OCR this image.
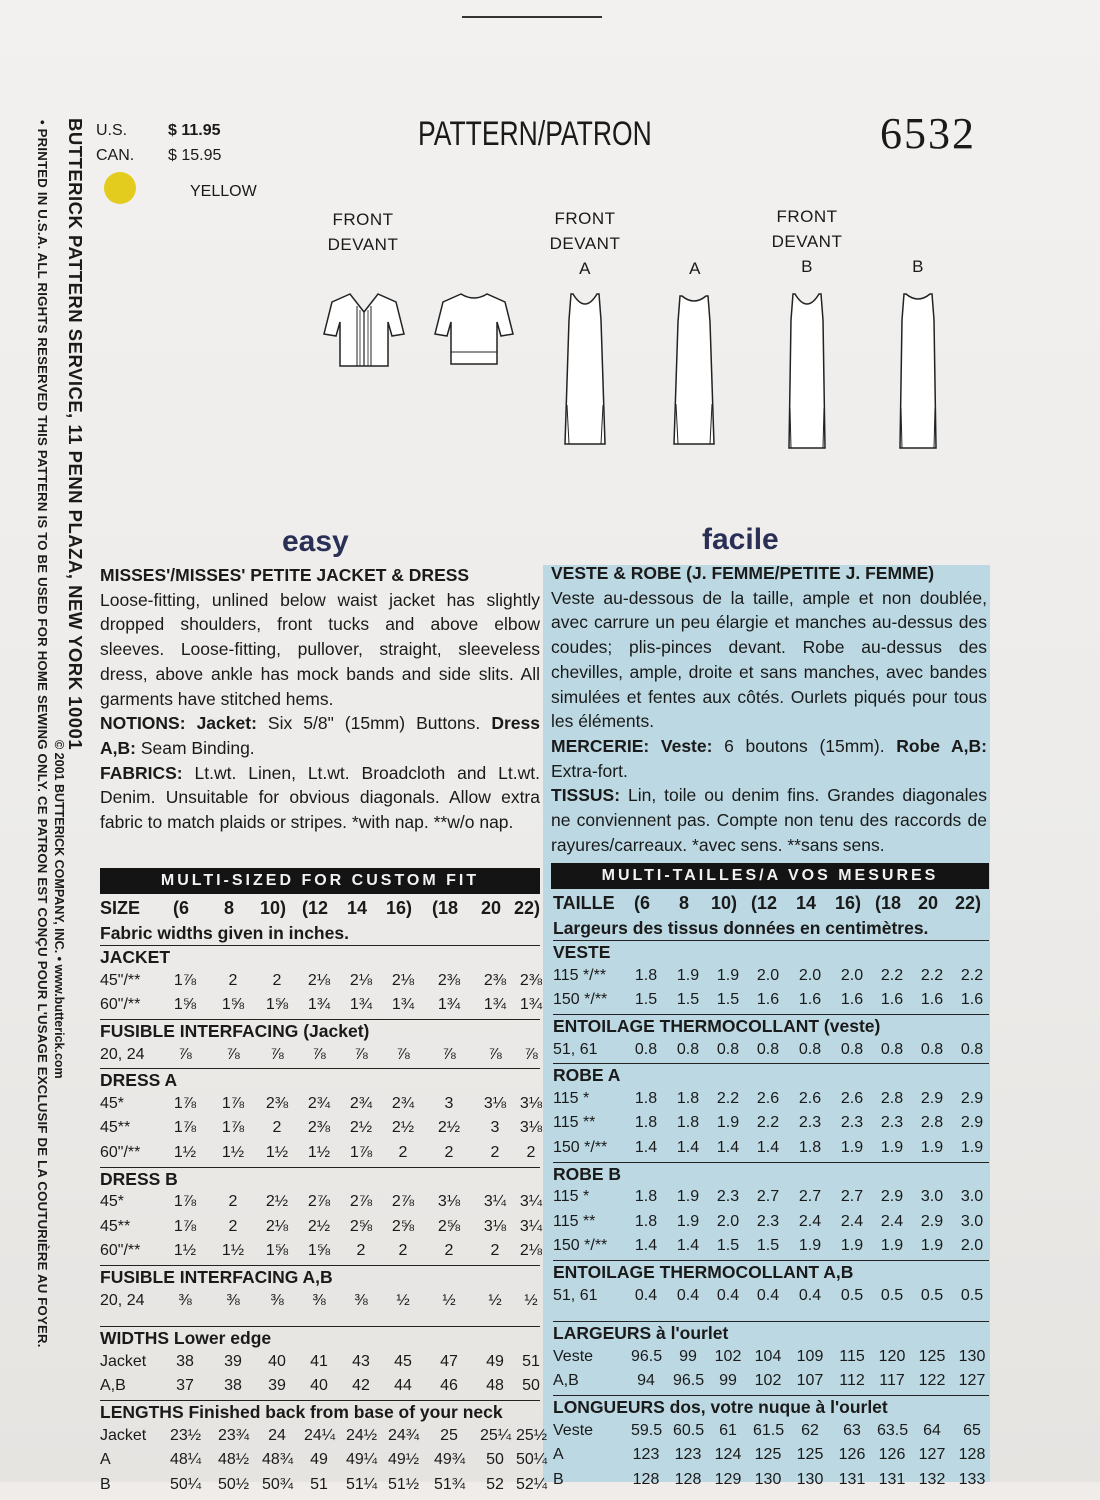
BUTTERICK PATTERN SERVICE, 11 PENN PLAZA, NEW YORK 10001
• PRINTED IN U.S.A. ALL RIGHTS RESERVED THIS PATTERN IS TO BE USED FOR HOME SEWING ONLY. CE PATRON EST CONÇU POUR L'USAGE EXCLUSIF DE LA COUTURIÈRE AU FOYER. © 2001 BUTTERICK COMPANY, INC. • www.butterick.com
U.S.	$ 11.95
CAN. $ 15.95
YELLOW
PATTERN/PATRON	6532
FRONT
DEVANT
FRONT
DEVANT
A	A
FRONT
DEVANT
B	B
easy	facile

MISSES'/MISSES' PETITE JACKET & DRESS

Loose-fitting, unlined below waist jacket has slightly dropped shoulders, front tucks and above elbow sleeves. Loose-fitting, pullover, straight, sleeveless dress, above ankle has mock bands and side slits. All garments have stitched hems.

NOTIONS: Jacket: Six 5/8" (15mm) Buttons. Dress A,B: Seam Binding.

FABRICS: Lt.wt. Linen, Lt.wt. Broadcloth and Lt.wt. Denim. Unsuitable for obvious diagonals. Allow extra fabric to match plaids or stripes. *with nap. **w/o nap.

VESTE & ROBE (J. FEMME/PETITE J. FEMME)

Veste au-dessous de la taille, ample et non doublée, avec carrure un peu élargie et manches au-dessus des coudes; plis-pinces devant. Robe au-dessus des chevilles, ample, droite et sans manches, avec bandes simulées et fentes aux côtés. Ourlets piqués pour tous les éléments.

MERCERIE: Veste: 6 boutons (15mm). Robe A,B: Extra-fort.

TISSUS: Lin, toile ou denim fins. Grandes diagonales ne conviennent pas. Compte non tenu des raccords de rayures/carreaux. *avec sens. **sans sens.

MULTI-SIZED FOR CUSTOM FIT	MULTI-TAILLES/A VOS MESURES
SIZE	(6	8	10) (12 14 16) (18 20 22)
Fabric widths given in inches.
JACKET
45"/** 1⅞	2	2	2⅛ 2⅛ 2⅛ 2⅜ 2⅜ 2⅜
60"/** 1⅝ 1⅝ 1⅝ 1¾ 1¾ 1¾ 1¾ 1¾ 1¾
FUSIBLE INTERFACING (Jacket)
20, 24	⅞	⅞	⅞	⅞	⅞	⅞	⅞	⅞	⅞
DRESS A
45*	1⅞ 1⅞ 2⅜ 2¾ 2¾ 2¾	3	3⅛ 3⅛
45**	1⅞ 1⅞	2	2⅜ 2½ 2½ 2½	3	3⅛
60"/** 1½ 1½ 1½ 1½ 1⅞	2	2	2	2
DRESS B
45*	1⅞	2	2½ 2⅞ 2⅞ 2⅞ 3⅛ 3¼ 3¼
45**	1⅞	2	2⅛ 2½ 2⅝ 2⅝ 2⅝ 3⅛ 3¼
60"/** 1½ 1½ 1⅝ 1⅝	2	2	2	2	2⅛
FUSIBLE INTERFACING A,B
20, 24	⅜	⅜	⅜	⅜	⅜	½	½	½	½
WIDTHS Lower edge
Jacket	38	39	40	41	43	45	47	49	51
A,B	37	38	39	40	42	44	46	48	50
LENGTHS Finished back from base of your neck
Jacket 23½ 23¾	24	24¼ 24½ 24¾	25	25¼ 25½
A	48¼ 48½ 48¾	49	49¼ 49½ 49¾	50 50¼
B	50¼ 50½ 50¾	51	51¼ 51½ 51¾	52 52¼
TAILLE	(6	8	10) (12 14 16) (18 20 22)
Largeurs des tissus données en centimètres.
VESTE
115 */** 1.8 1.9 1.9 2.0 2.0 2.0 2.2 2.2 2.2
150 */** 1.5 1.5 1.5 1.6 1.6 1.6 1.6 1.6 1.6
ENTOILAGE THERMOCOLLANT (veste)
51, 61 0.8 0.8 0.8 0.8 0.8 0.8 0.8 0.8 0.8
ROBE A
115 *	1.8 1.8 2.2 2.6 2.6 2.6 2.8 2.9 2.9
115 ** 1.8 1.8 1.9 2.2 2.3 2.3 2.3 2.8 2.9
150 */** 1.4 1.4 1.4 1.4 1.8 1.9 1.9 1.9 1.9
ROBE B
115 *	1.8 1.9 2.3 2.7 2.7 2.7 2.9 3.0 3.0
115 ** 1.8 1.9 2.0 2.3 2.4 2.4 2.4 2.9 3.0
150 */** 1.4 1.4 1.5 1.5 1.9 1.9 1.9 1.9 2.0
ENTOILAGE THERMOCOLLANT A,B
51, 61 0.4 0.4 0.4 0.4 0.4 0.5 0.5 0.5 0.5
LARGEURS à l'ourlet
Veste 96.5	99	102 104 109 115 120 125 130
A,B	94	96.5 99	102 107 112 117 122 127
LONGUEURS dos, votre nuque à l'ourlet
Veste 59.5 60.5 61	61.5	62	63	63.5 64	65
A	123 123 124 125 125 126 126 127 128
B	128 128 129 130 130 131 131 132 133
